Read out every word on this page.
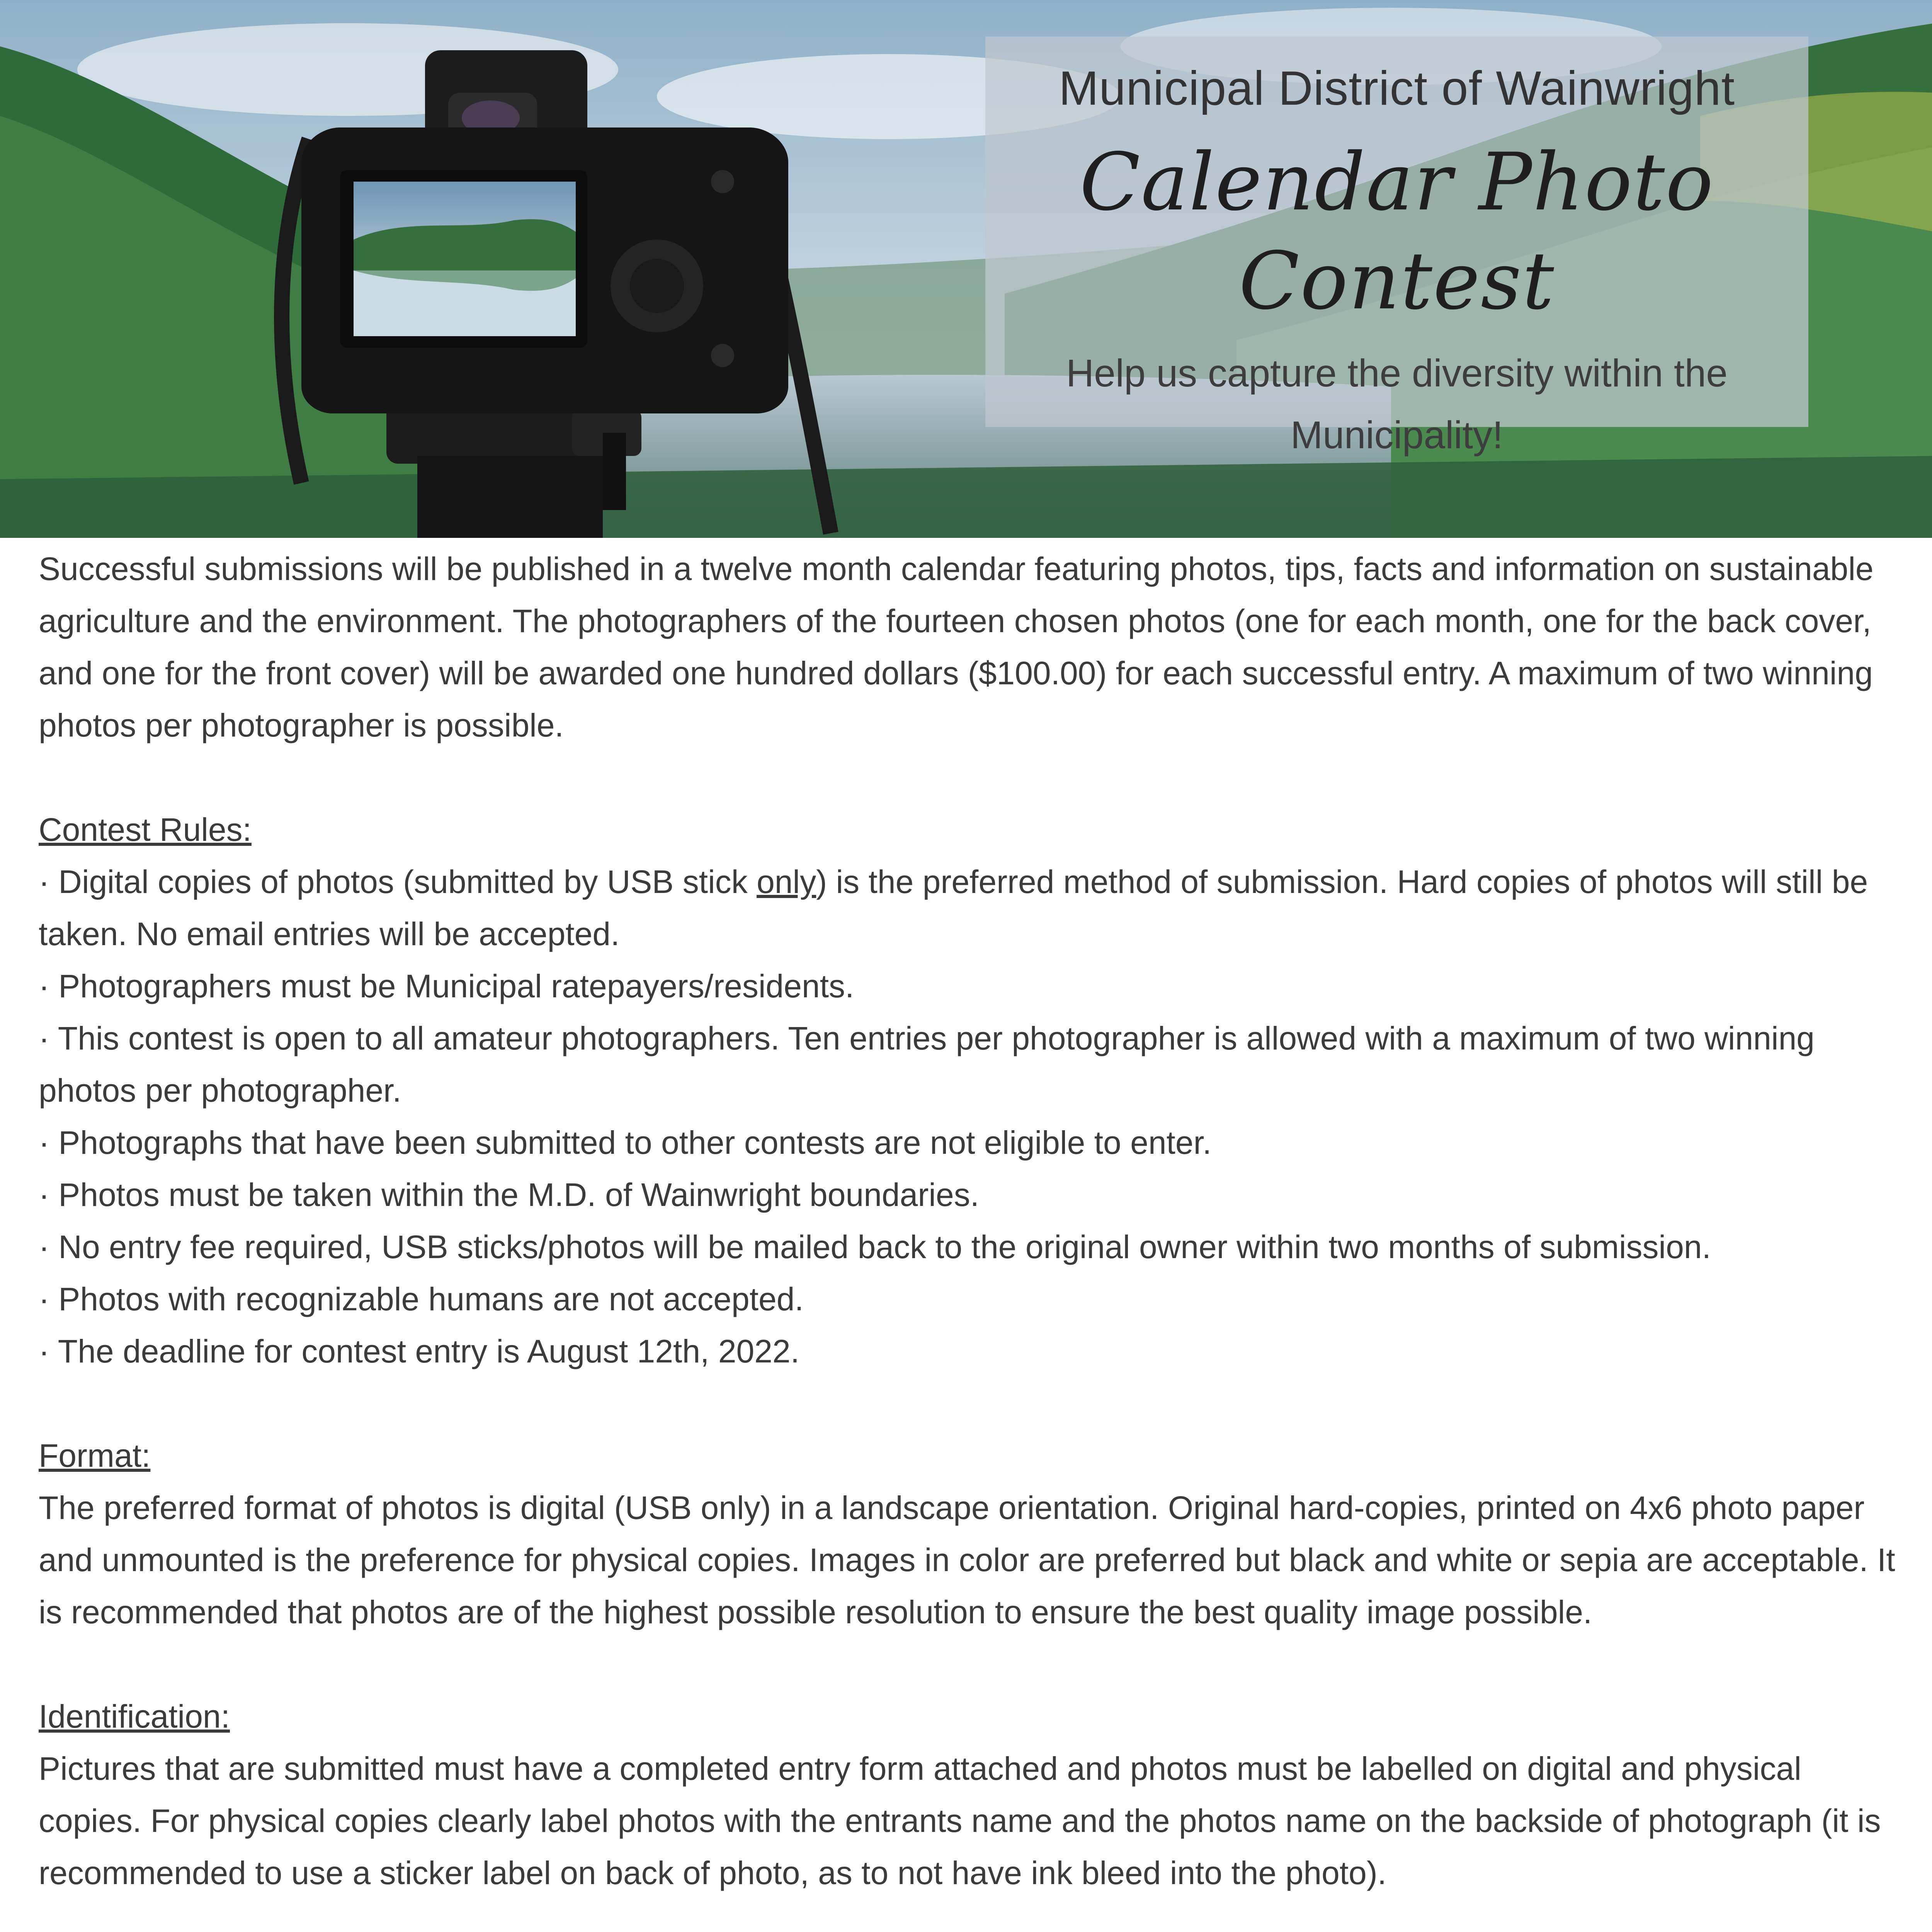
Municipal District of Wainwright
Calendar Photo Contest
Help us capture the diversity within the Municipality!

Successful submissions will be published in a twelve month calendar featuring photos, tips, facts and information on sustainable agriculture and the environment. The photographers of the fourteen chosen photos (one for each month, one for the back cover, and one for the front cover) will be awarded one hundred dollars ($100.00) for each successful entry. A maximum of two winning photos per photographer is possible.

Contest Rules:

· Digital copies of photos (submitted by USB stick only) is the preferred method of submission. Hard copies of photos will still be taken. No email entries will be accepted.

· Photographers must be Municipal ratepayers/residents.

· This contest is open to all amateur photographers. Ten entries per photographer is allowed with a maximum of two winning photos per photographer.

· Photographs that have been submitted to other contests are not eligible to enter.

· Photos must be taken within the M.D. of Wainwright boundaries.

· No entry fee required, USB sticks/photos will be mailed back to the original owner within two months of submission.

· Photos with recognizable humans are not accepted.

· The deadline for contest entry is August 12th, 2022.

Format:

The preferred format of photos is digital (USB only) in a landscape orientation. Original hard-copies, printed on 4x6 photo paper and unmounted is the preference for physical copies. Images in color are preferred but black and white or sepia are acceptable. It is recommended that photos are of the highest possible resolution to ensure the best quality image possible.

Identification:

Pictures that are submitted must have a completed entry form attached and photos must be labelled on digital and physical copies. For physical copies clearly label photos with the entrants name and the photos name on the backside of photograph (it is recommended to use a sticker label on back of photo, as to not have ink bleed into the photo).
